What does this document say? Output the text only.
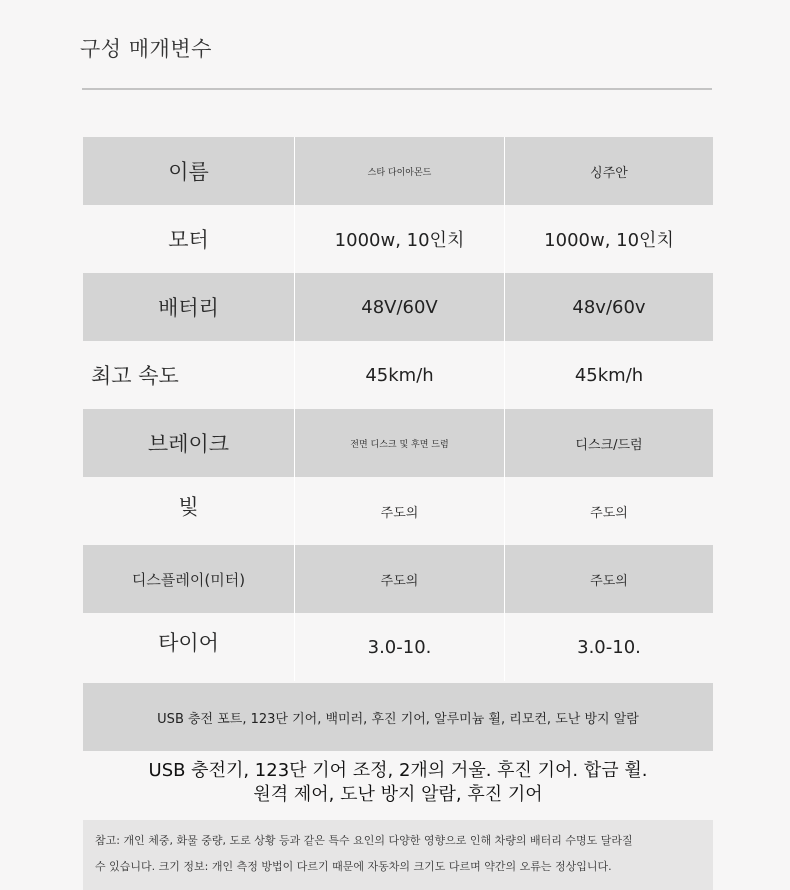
구성 매개변수
이름	스타 다이아몬드	싱주안
모터	1000w, 10인치	1000w, 10인치
배터리	48V/60V	48v/60v
최고 속도	45km/h	45km/h
브레이크	전면 디스크 및 후면 드럼	디스크/드럼
빛	주도의	주도의
디스플레이(미터)	주도의	주도의
타이어	3.0-10.	3.0-10.
USB 충전 포트, 123단 기어, 백미러, 후진 기어, 알루미늄 휠, 리모컨, 도난 방지 알람
USB 충전기, 123단 기어 조정, 2개의 거울. 후진 기어. 합금 휠.
원격 제어, 도난 방지 알람, 후진 기어
참고: 개인 체중, 화물 중량, 도로 상황 등과 같은 특수 요인의 다양한 영향으로 인해 차량의 배터리 수명도 달라질
수 있습니다. 크기 정보: 개인 측정 방법이 다르기 때문에 자동차의 크기도 다르며 약간의 오류는 정상입니다.
